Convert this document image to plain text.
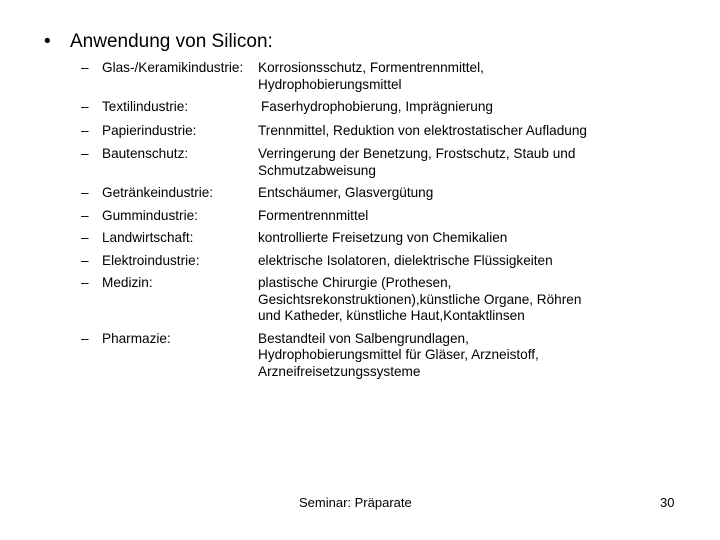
• Anwendung von Silicon:
– Glas-/Keramikindustrie: Korrosionsschutz, Formentrennmittel,
Hydrophobierungsmittel
– Textilindustrie:	Faserhydrophobierung, Imprägnierung
– Papierindustrie:	Trennmittel, Reduktion von elektrostatischer Aufladung
– Bautenschutz:	Verringerung der Benetzung, Frostschutz, Staub und
Schmutzabweisung
– Getränkeindustrie:	Entschäumer, Glasvergütung
– Gummindustrie:	Formentrennmittel
– Landwirtschaft:	kontrollierte Freisetzung von Chemikalien
– Elektroindustrie:	elektrische Isolatoren, dielektrische Flüssigkeiten
– Medizin:	plastische Chirurgie (Prothesen,
Gesichtsrekonstruktionen),künstliche Organe, Röhren
und Katheder, künstliche Haut,Kontaktlinsen
– Pharmazie:	Bestandteil von Salbengrundlagen,
Hydrophobierungsmittel für Gläser, Arzneistoff,
Arzneifreisetzungssysteme
Seminar: Präparate	30
